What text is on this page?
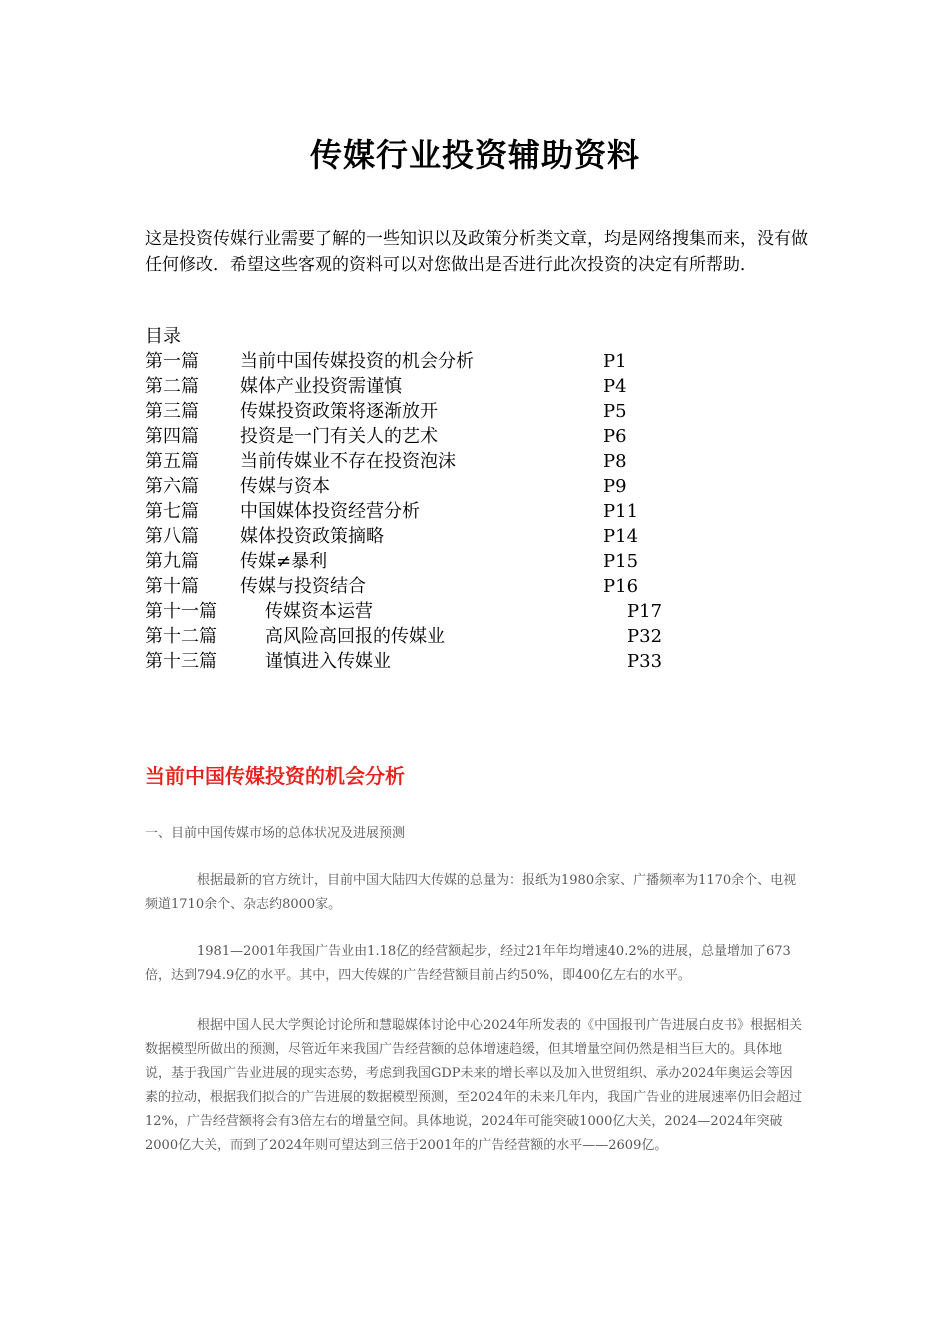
传媒行业投资辅助资料
这是投资传媒行业需要了解的一些知识以及政策分析类文章，均是网络搜集而来，没有做任何修改．希望这些客观的资料可以对您做出是否进行此次投资的决定有所帮助．
目录
第一篇 当前中国传媒投资的机会分析	P1
第二篇 媒体产业投资需谨慎	P4
第三篇 传媒投资政策将逐渐放开	P5
第四篇 投资是一门有关人的艺术	P6
第五篇 当前传媒业不存在投资泡沫	P8
第六篇 传媒与资本	P9
第七篇 中国媒体投资经营分析	P11
第八篇 媒体投资政策摘略	P14
第九篇 传媒≠暴利	P15
第十篇 传媒与投资结合	P16
第十一篇	传媒资本运营	P17
第十二篇	高风险高回报的传媒业	P32
第十三篇	谨慎进入传媒业	P33
当前中国传媒投资的机会分析
一、目前中国传媒市场的总体状况及进展预测
根据最新的官方统计，目前中国大陆四大传媒的总量为：报纸为1980余家、广播频率为1170余个、电视频道1710余个、杂志约8000家。
1981—2001年我国广告业由1.18亿的经营额起步，经过21年年均增速40.2%的进展，总量增加了673倍，达到794.9亿的水平。其中，四大传媒的广告经营额目前占约50%，即400亿左右的水平。
根据中国人民大学舆论讨论所和慧聪媒体讨论中心2024年所发表的《中国报刊广告进展白皮书》根据相关数据模型所做出的预测，尽管近年来我国广告经营额的总体增速趋缓，但其增量空间仍然是相当巨大的。具体地说，基于我国广告业进展的现实态势，考虑到我国GDP未来的增长率以及加入世贸组织、承办2024年奥运会等因素的拉动，根据我们拟合的广告进展的数据模型预测，至2024年的未来几年内，我国广告业的进展速率仍旧会超过12%，广告经营额将会有3倍左右的增量空间。具体地说，2024年可能突破1000亿大关，2024—2024年突破2000亿大关，而到了2024年则可望达到三倍于2001年的广告经营额的水平——2609亿。
